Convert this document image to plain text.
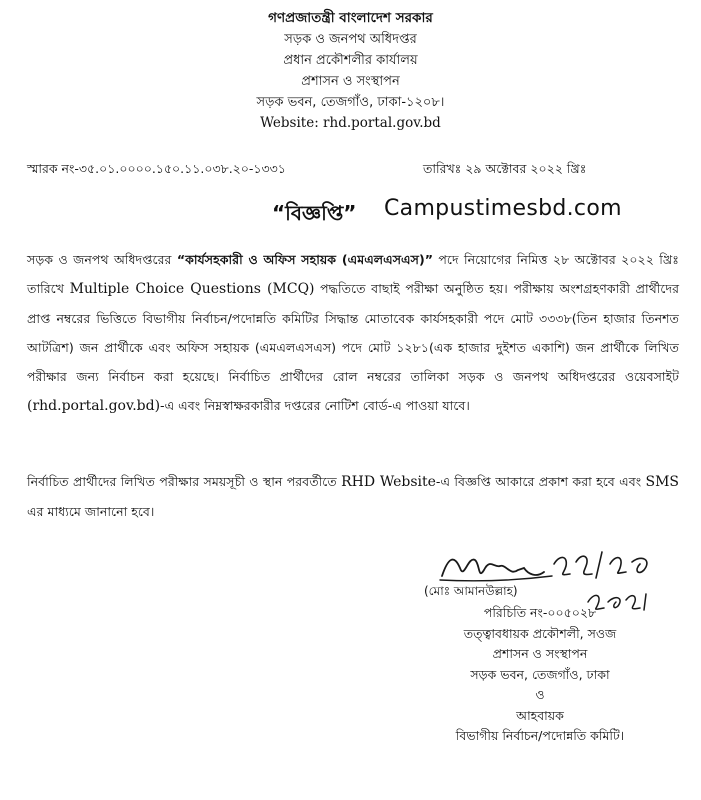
গণপ্রজাতন্ত্রী বাংলাদেশ সরকার
সড়ক ও জনপথ অধিদপ্তর
প্রধান প্রকৌশলীর কার্যালয়
প্রশাসন ও সংস্থাপন
সড়ক ভবন, তেজগাঁও, ঢাকা-১২০৮।
Website: rhd.portal.gov.bd
স্মারক নং-৩৫.০১.০০০০.১৫০.১১.০৩৮.২০-১৩৩১	তারিখঃ ২৯ অক্টোবর ২০২২ খ্রিঃ
“বিজ্ঞপ্তি” Campustimesbd.com
সড়ক ও জনপথ অধিদপ্তরের “কার্যসহকারী ও অফিস সহায়ক (এমএলএসএস)” পদে নিয়োগের নিমিত্ত ২৮ অক্টোবর ২০২২ খ্রিঃ তারিখে Multiple Choice Questions (MCQ) পদ্ধতিতে বাছাই পরীক্ষা অনুষ্ঠিত হয়। পরীক্ষায় অংশগ্রহণকারী প্রার্থীদের প্রাপ্ত নম্বরের ভিত্তিতে বিভাগীয় নির্বাচন/পদোন্নতি কমিটির সিদ্ধান্ত মোতাবেক কার্যসহকারী পদে মোট ৩৩৩৮(তিন হাজার তিনশত আটত্রিশ) জন প্রার্থীকে এবং অফিস সহায়ক (এমএলএসএস) পদে মোট ১২৮১(এক হাজার দুইশত একাশি) জন প্রার্থীকে লিখিত পরীক্ষার জন্য নির্বাচন করা হয়েছে। নির্বাচিত প্রার্থীদের রোল নম্বরের তালিকা সড়ক ও জনপথ অধিদপ্তরের ওয়েবসাইট (rhd.portal.gov.bd)-এ এবং নিম্নস্বাক্ষরকারীর দপ্তরের নোটিশ বোর্ড-এ পাওয়া যাবে।
নির্বাচিত প্রার্থীদের লিখিত পরীক্ষার সময়সূচী ও স্থান পরবর্তীতে RHD Website-এ বিজ্ঞপ্তি আকারে প্রকাশ করা হবে এবং SMS এর মাধ্যমে জানানো হবে।
(মোঃ আমানউল্লাহ)
পরিচিতি নং-০০৫০২৮
তত্ত্বাবধায়ক প্রকৌশলী, সওজ
প্রশাসন ও সংস্থাপন
সড়ক ভবন, তেজগাঁও, ঢাকা
ও
আহবায়ক
বিভাগীয় নির্বাচন/পদোন্নতি কমিটি।
